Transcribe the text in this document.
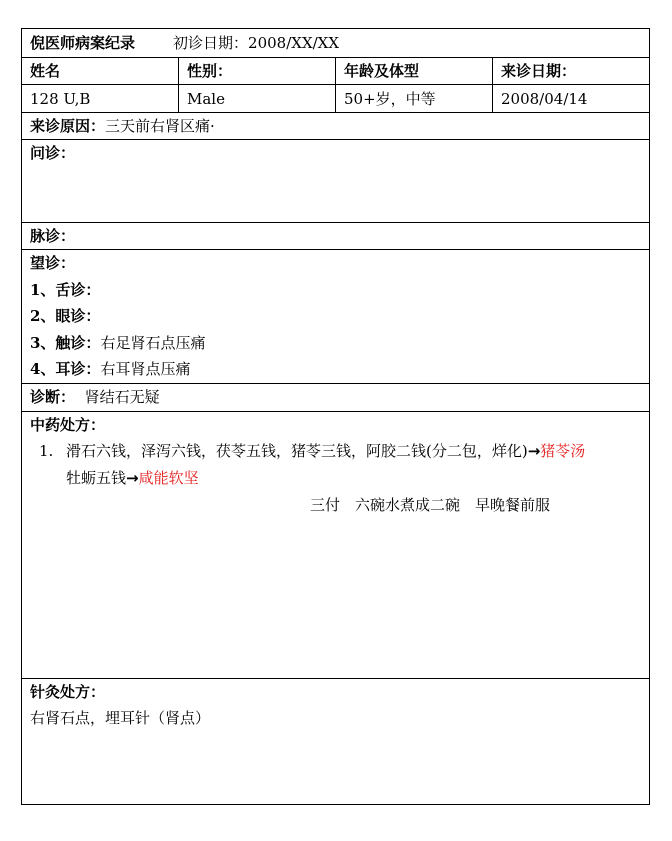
倪医师病案纪录 初诊日期：2008/XX/XX			
姓名	性别：	年龄及体型	来诊日期：
128 U,B	Male	50+岁，中等	2008/04/14
来诊原因：三天前右肾区痛·			
问诊：			
脉诊：			

望诊：
1、舌诊：
2、眼诊：
3、触诊：右足肾石点压痛
4、耳诊：右耳肾点压痛			

诊断： 肾结石无疑			

中药处方：
1. 滑石六钱，泽泻六钱，茯苓五钱，猪苓三钱，阿胶二钱(分二包，烊化)→猪苓汤
牡蛎五钱→咸能软坚
三付　六碗水煮成二碗　早晚餐前服			

针灸处方：
右肾石点，埋耳针（肾点）			
